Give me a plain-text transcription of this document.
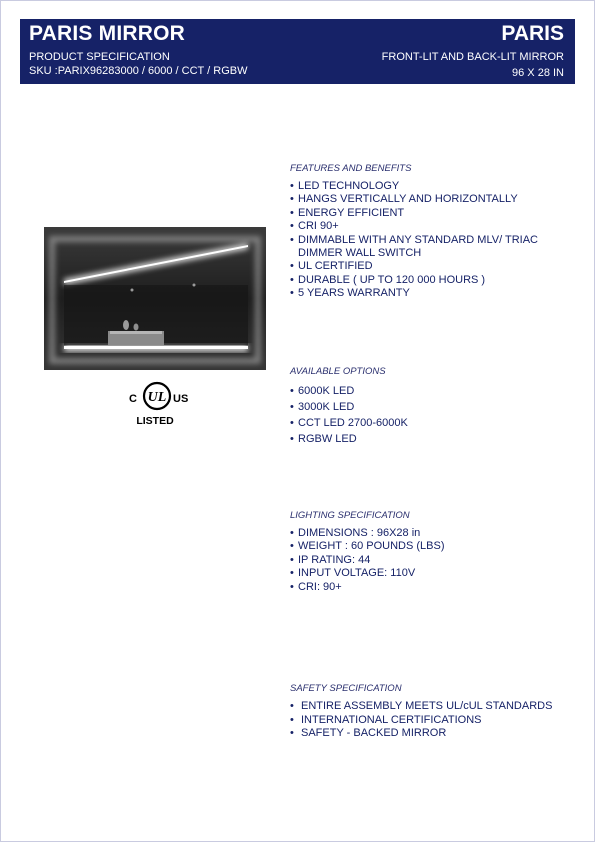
PARIS MIRROR
PRODUCT SPECIFICATION
SKU :PARIX96283000 / 6000 / CCT / RGBW
PARIS
FRONT-LIT AND BACK-LIT MIRROR
96 X 28 IN
UL
C	US
LISTED
FEATURES AND BENEFITS
• LED TECHNOLOGY
• HANGS VERTICALLY AND HORIZONTALLY
• ENERGY EFFICIENT
• CRI 90+
• DIMMABLE WITH ANY STANDARD MLV/ TRIAC
DIMMER WALL SWITCH
• UL CERTIFIED
• DURABLE ( UP TO 120 000 HOURS )
• 5 YEARS WARRANTY
AVAILABLE OPTIONS
• 6000K LED
• 3000K LED
• CCT LED 2700-6000K
• RGBW LED
LIGHTING SPECIFICATION
• DIMENSIONS : 96X28 in
• WEIGHT : 60 POUNDS (LBS)
• IP RATING: 44
• INPUT VOLTAGE: 110V
• CRI: 90+
SAFETY SPECIFICATION
• ENTIRE ASSEMBLY MEETS UL/cUL STANDARDS
• INTERNATIONAL CERTIFICATIONS
• SAFETY - BACKED MIRROR
